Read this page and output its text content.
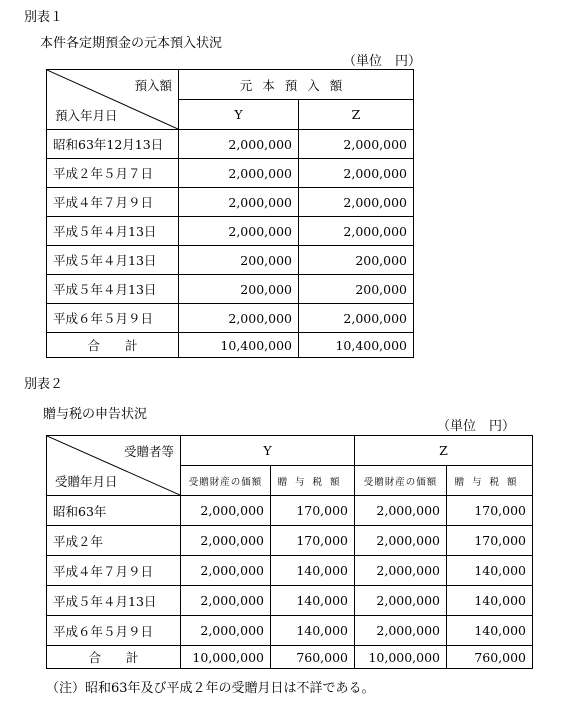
別表１
本件各定期預金の元本預入状況
（単位　円）
預入額
預入年月日	元本預入額	
	Y	Z
昭和63年12月13日	2,000,000	2,000,000
平成２年５月７日	2,000,000	2,000,000
平成４年７月９日	2,000,000	2,000,000
平成５年４月13日	2,000,000	2,000,000
平成５年４月13日	200,000	200,000
平成５年４月13日	200,000	200,000
平成６年５月９日	2,000,000	2,000,000
合　　計	10,400,000	10,400,000
別表２
贈与税の申告状況
（単位　円）
受贈者等
受贈年月日	Y		Z	
	受贈財産の価額	贈与税額	受贈財産の価額	贈与税額
昭和63年	2,000,000	170,000	2,000,000	170,000
平成２年	2,000,000	170,000	2,000,000	170,000
平成４年７月９日	2,000,000	140,000	2,000,000	140,000
平成５年４月13日	2,000,000	140,000	2,000,000	140,000
平成６年５月９日	2,000,000	140,000	2,000,000	140,000
合　　計	10,000,000	760,000	10,000,000	760,000
（注）昭和63年及び平成２年の受贈月日は不詳である。
